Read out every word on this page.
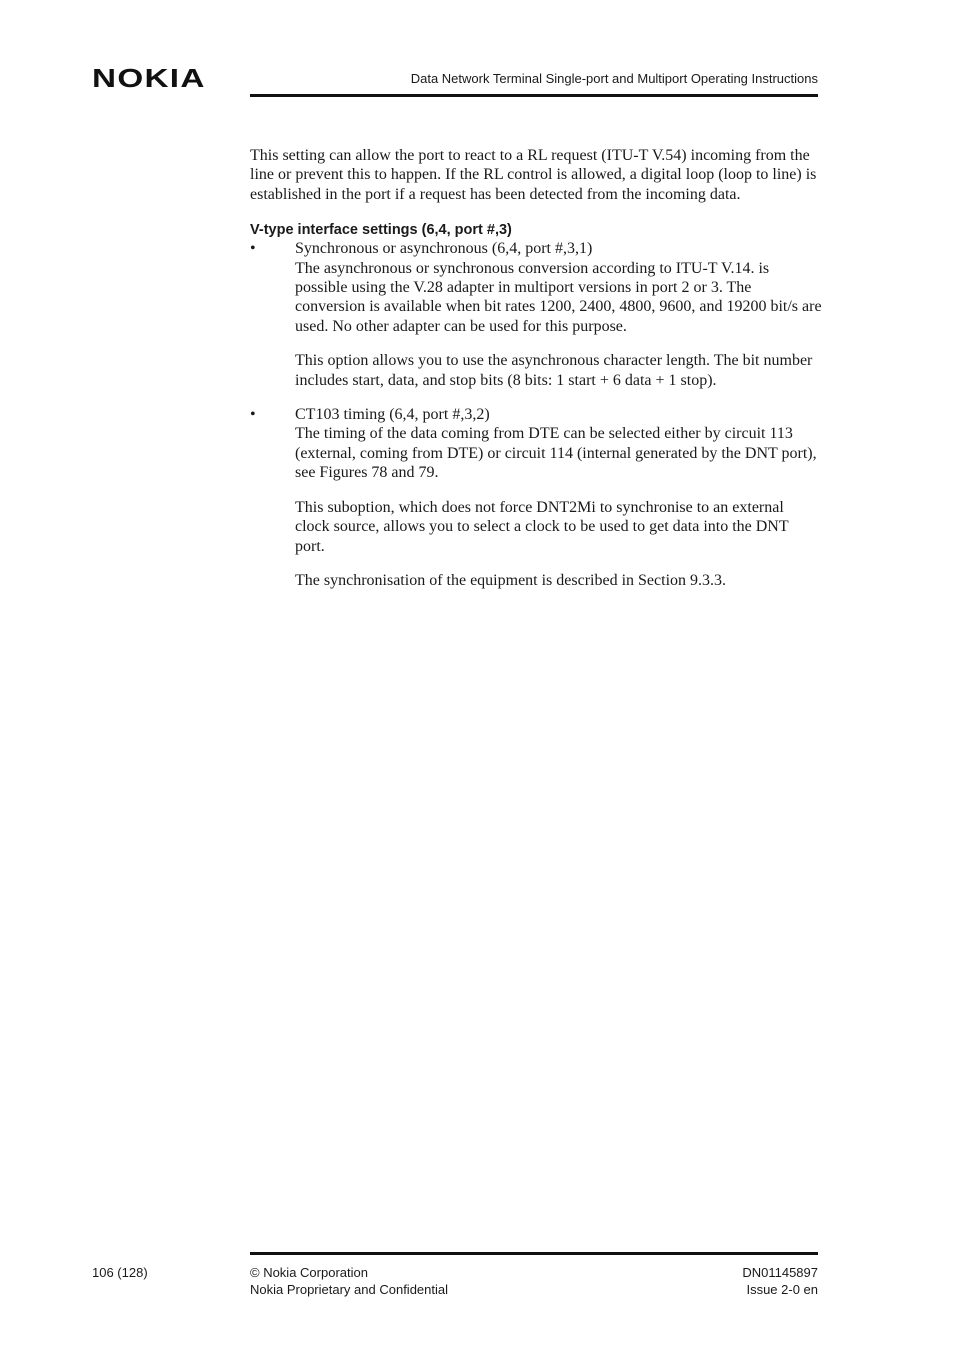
NOKIA	Data Network Terminal Single-port and Multiport Operating Instructions

This setting can allow the port to react to a RL request (ITU-T V.54) incoming from the line or prevent this to happen. If the RL control is allowed, a digital loop (loop to line) is established in the port if a request has been detected from the incoming data.

V-type interface settings (6,4, port #,3)

• Synchronous or asynchronous (6,4, port #,3,1)

The asynchronous or synchronous conversion according to ITU-T V.14. is possible using the V.28 adapter in multiport versions in port 2 or 3. The conversion is available when bit rates 1200, 2400, 4800, 9600, and 19200 bit/s are used. No other adapter can be used for this purpose.

This option allows you to use the asynchronous character length. The bit number includes start, data, and stop bits (8 bits: 1 start + 6 data + 1 stop).

• CT103 timing (6,4, port #,3,2)

The timing of the data coming from DTE can be selected either by circuit 113 (external, coming from DTE) or circuit 114 (internal generated by the DNT port), see Figures 78 and 79.

This suboption, which does not force DNT2Mi to synchronise to an external clock source, allows you to select a clock to be used to get data into the DNT port.

The synchronisation of the equipment is described in Section 9.3.3.

106 (128)	© Nokia Corporation
Nokia Proprietary and Confidential
DN01145897
Issue 2-0 en
